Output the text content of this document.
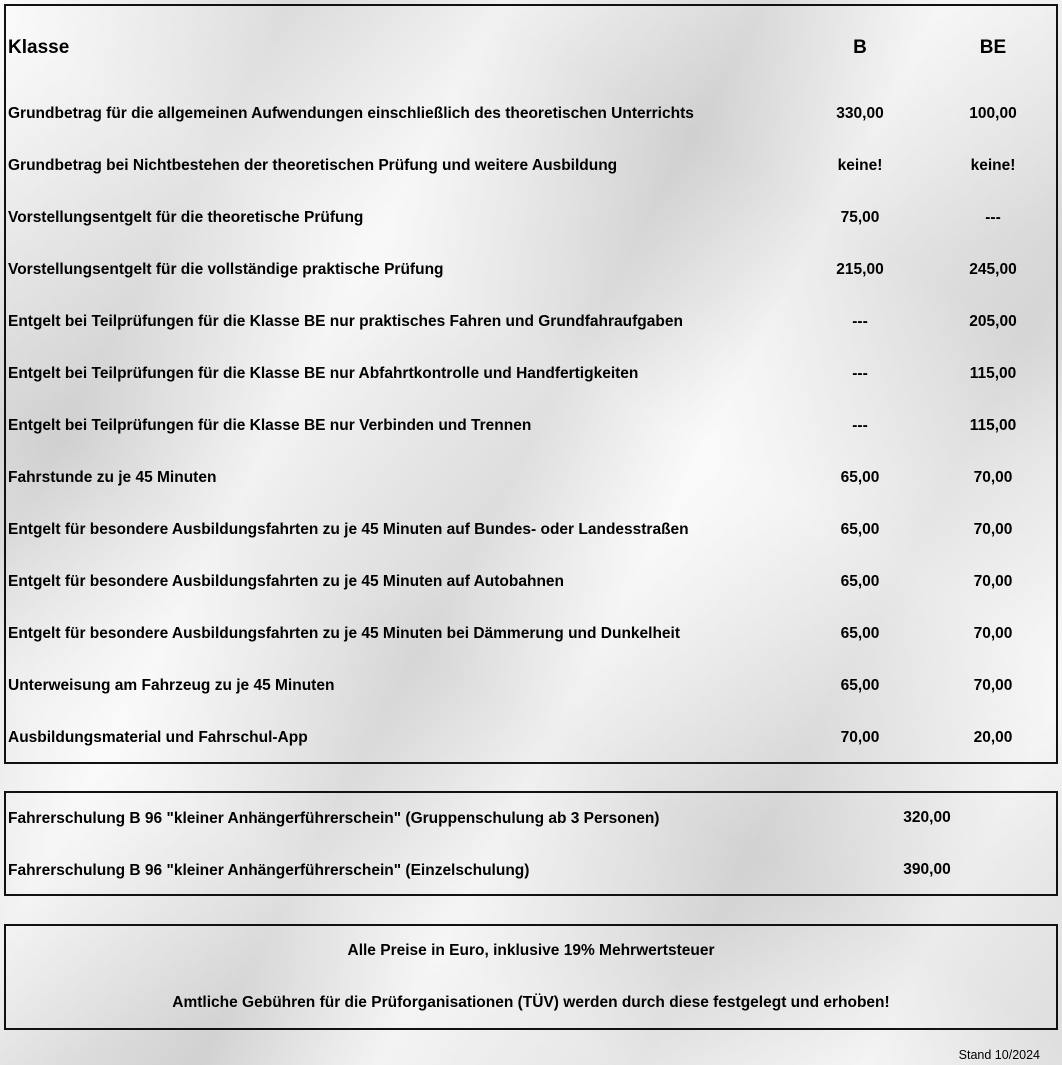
Klasse	B	BE
Grundbetrag für die allgemeinen Aufwendungen einschließlich des theoretischen Unterrichts	330,00	100,00
Grundbetrag bei Nichtbestehen der theoretischen Prüfung und weitere Ausbildung	keine!	keine!
Vorstellungsentgelt für die theoretische Prüfung	75,00	---
Vorstellungsentgelt für die vollständige praktische Prüfung	215,00	245,00
Entgelt bei Teilprüfungen für die Klasse BE nur praktisches Fahren und Grundfahraufgaben	---	205,00
Entgelt bei Teilprüfungen für die Klasse BE nur Abfahrtkontrolle und Handfertigkeiten	---	115,00
Entgelt bei Teilprüfungen für die Klasse BE nur Verbinden und Trennen	---	115,00
Fahrstunde zu je 45 Minuten	65,00	70,00
Entgelt für besondere Ausbildungsfahrten zu je 45 Minuten auf Bundes- oder Landesstraßen	65,00	70,00
Entgelt für besondere Ausbildungsfahrten zu je 45 Minuten auf Autobahnen	65,00	70,00
Entgelt für besondere Ausbildungsfahrten zu je 45 Minuten bei Dämmerung und Dunkelheit	65,00	70,00
Unterweisung am Fahrzeug zu je 45 Minuten	65,00	70,00
Ausbildungsmaterial und Fahrschul-App	70,00	20,00
Fahrerschulung B 96 "kleiner Anhängerführerschein" (Gruppenschulung ab 3 Personen)	320,00
Fahrerschulung B 96 "kleiner Anhängerführerschein" (Einzelschulung)	390,00
Alle Preise in Euro, inklusive 19% Mehrwertsteuer
Amtliche Gebühren für die Prüforganisationen (TÜV) werden durch diese festgelegt und erhoben!
Stand 10/2024
